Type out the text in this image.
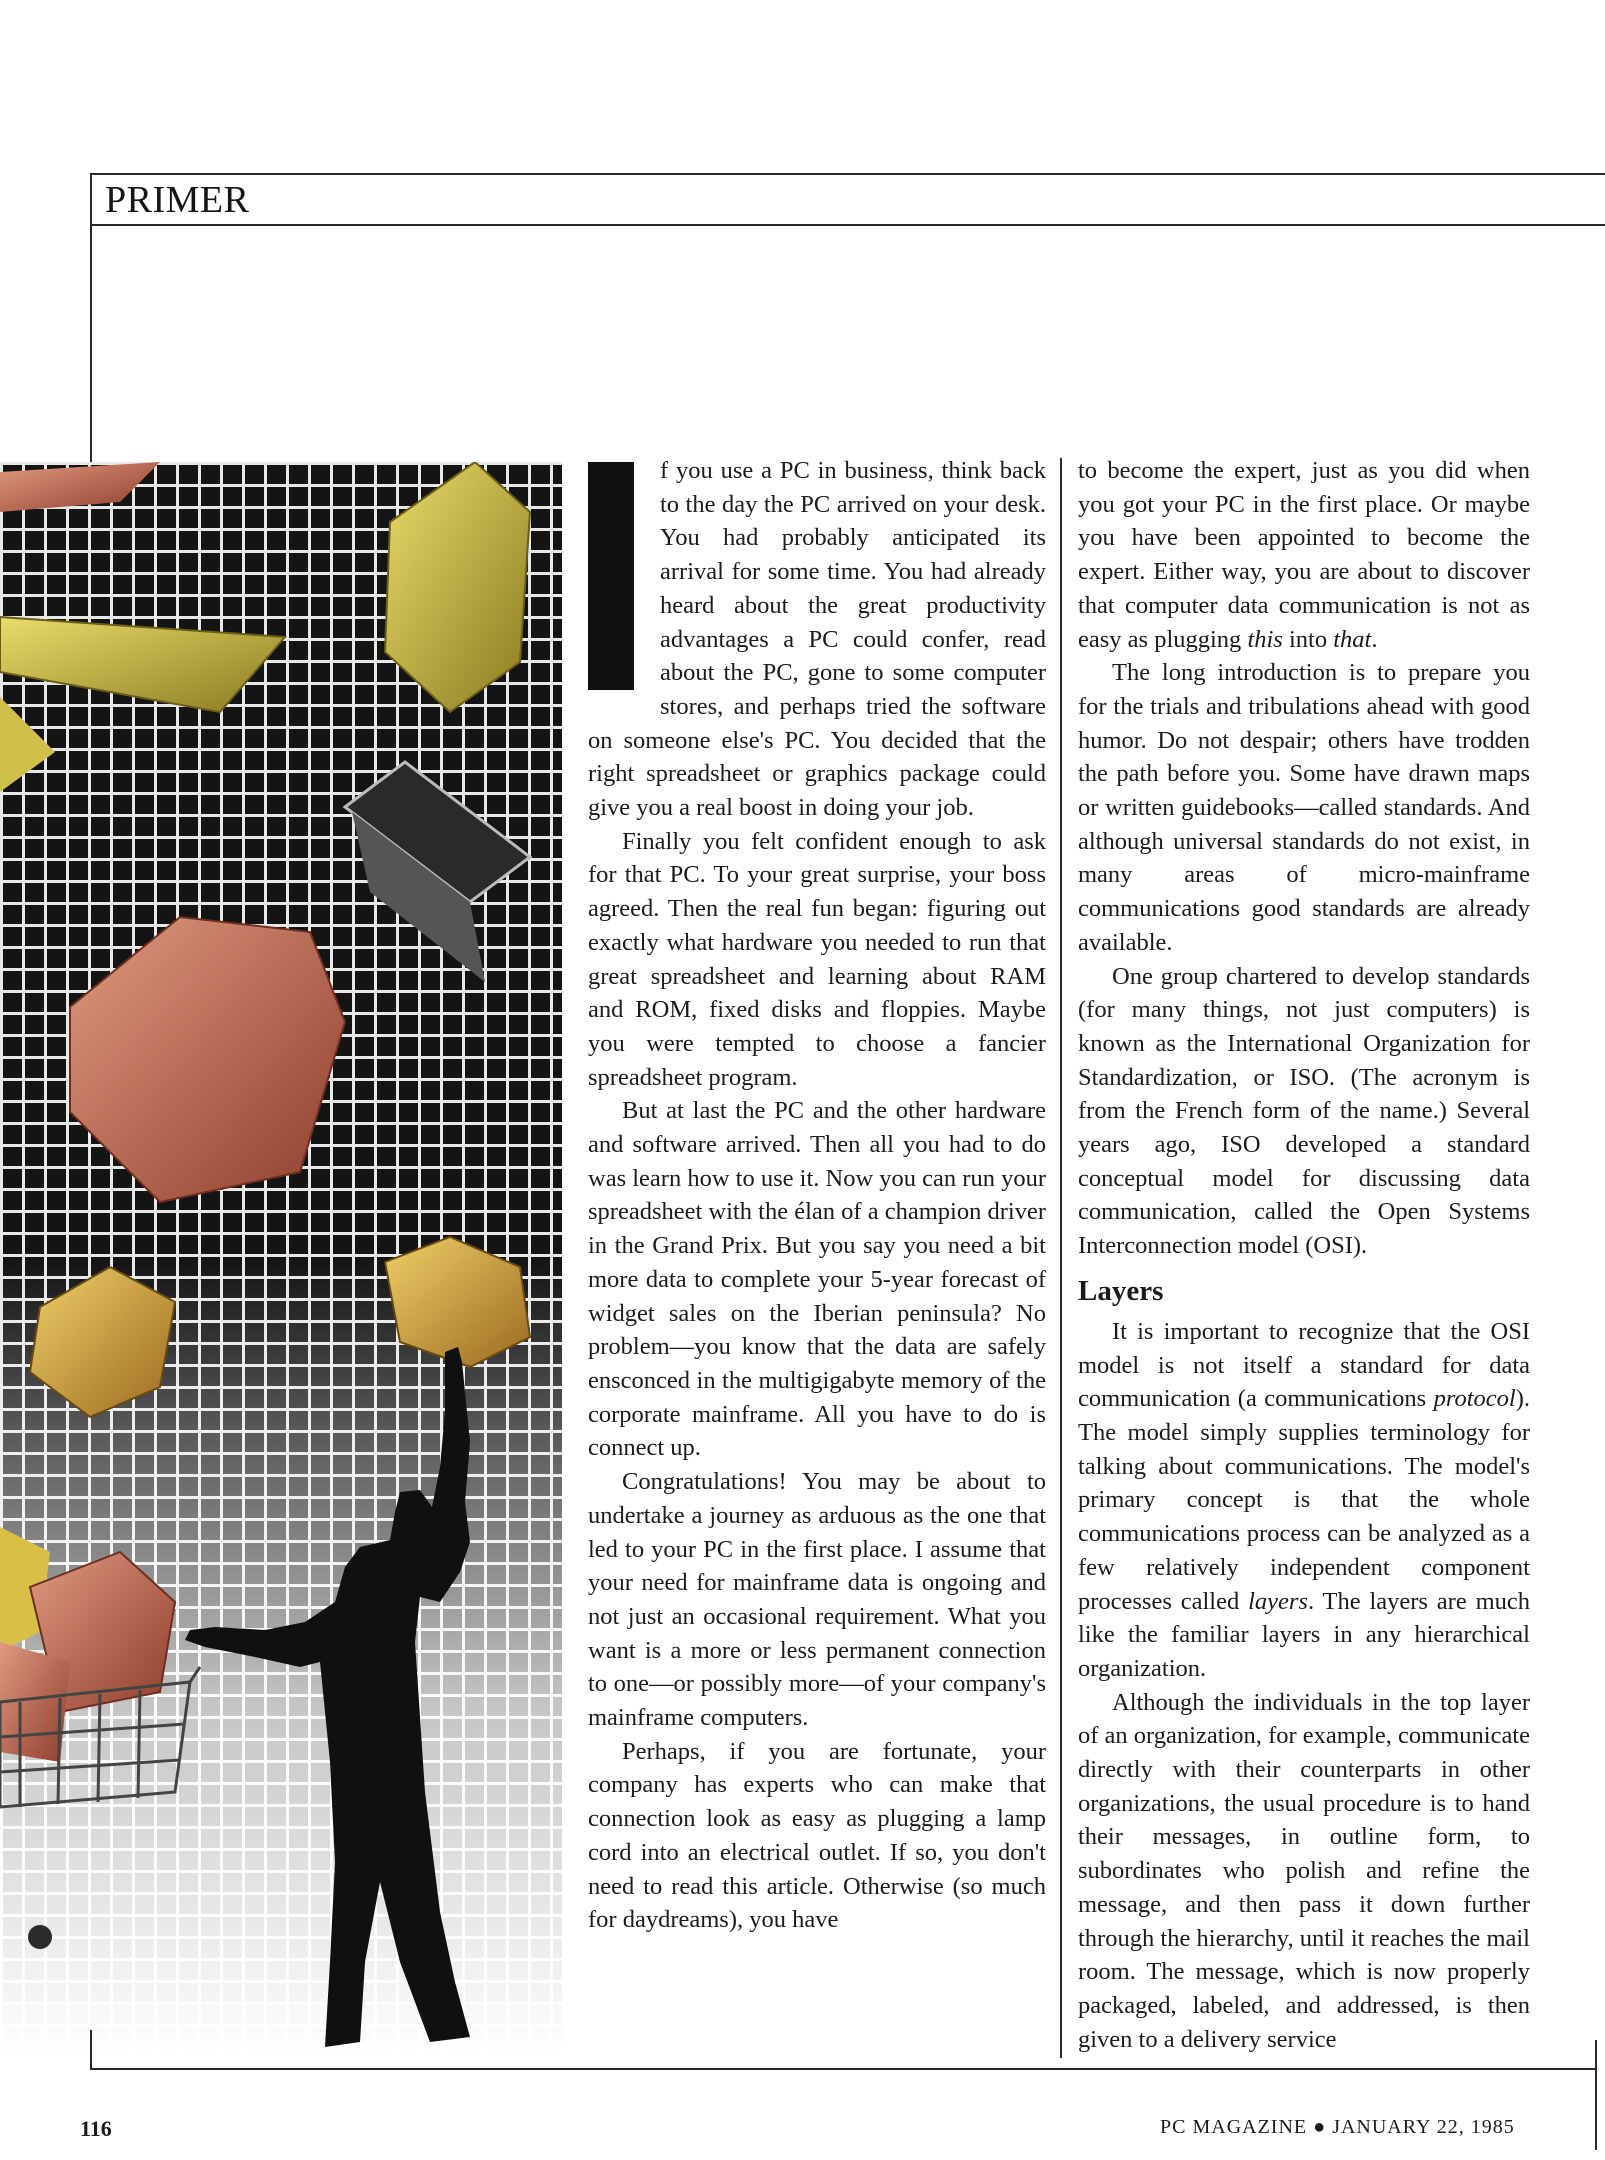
PRIMER

f you use a PC in business, think back to the day the PC arrived on your desk. You had probably anticipated its arrival for some time. You had already heard about the great productivity advantages a PC could confer, read about the PC, gone to some computer stores, and perhaps tried the software on someone else's PC. You decided that the right spreadsheet or graphics package could give you a real boost in doing your job.

Finally you felt confident enough to ask for that PC. To your great surprise, your boss agreed. Then the real fun began: figuring out exactly what hardware you needed to run that great spreadsheet and learning about RAM and ROM, fixed disks and floppies. Maybe you were tempted to choose a fancier spreadsheet program.

But at last the PC and the other hardware and software arrived. Then all you had to do was learn how to use it. Now you can run your spreadsheet with the élan of a champion driver in the Grand Prix. But you say you need a bit more data to complete your 5-year forecast of widget sales on the Iberian peninsula? No problem—you know that the data are safely ensconced in the multigigabyte memory of the corporate mainframe. All you have to do is connect up.

Congratulations! You may be about to undertake a journey as arduous as the one that led to your PC in the first place. I assume that your need for mainframe data is ongoing and not just an occasional requirement. What you want is a more or less permanent connection to one—or possibly more—of your company's mainframe computers.

Perhaps, if you are fortunate, your company has experts who can make that connection look as easy as plugging a lamp cord into an electrical outlet. If so, you don't need to read this article. Otherwise (so much for daydreams), you have

to become the expert, just as you did when you got your PC in the first place. Or maybe you have been appointed to become the expert. Either way, you are about to discover that computer data communication is not as easy as plugging this into that.

The long introduction is to prepare you for the trials and tribulations ahead with good humor. Do not despair; others have trodden the path before you. Some have drawn maps or written guidebooks—called standards. And although universal standards do not exist, in many areas of micro-mainframe communications good standards are already available.

One group chartered to develop standards (for many things, not just computers) is known as the International Organization for Standardization, or ISO. (The acronym is from the French form of the name.) Several years ago, ISO developed a standard conceptual model for discussing data communication, called the Open Systems Interconnection model (OSI).

Layers

It is important to recognize that the OSI model is not itself a standard for data communication (a communications protocol). The model simply supplies terminology for talking about communications. The model's primary concept is that the whole communications process can be analyzed as a few relatively independent component processes called layers. The layers are much like the familiar layers in any hierarchical organization.

Although the individuals in the top layer of an organization, for example, communicate directly with their counterparts in other organizations, the usual procedure is to hand their messages, in outline form, to subordinates who polish and refine the message, and then pass it down further through the hierarchy, until it reaches the mail room. The message, which is now properly packaged, labeled, and addressed, is then given to a delivery service

116	PC MAGAZINE ● JANUARY 22, 1985
